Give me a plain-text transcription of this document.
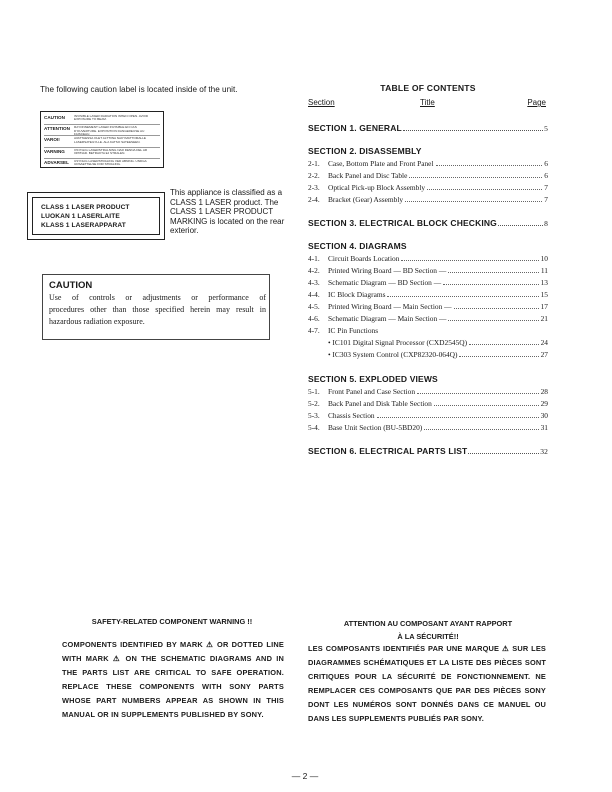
The following caution label is located inside of the unit.
CAUTION	INVISIBLE LASER RADIATION WHEN OPEN. AVOID EXPOSURE TO BEAM.
ATTENTION	RAYONNEMENT LASER INVISIBLE EN CAS D'OUVERTURE. EXPOSITION DANGEREUSE AU FAISCEAU.
VAROI!	AVATTAESSA OLET ALTTIINA NAKYMATTOMALLE LASERSATEILYLLE. ALA KATSO SATEESEEN.
VARNING	OSYNLIG LASERSTRALNING NAR DENNA DEL AR OPPNAD. BETRAKTA EJ STRALEN.
ADVARSEL	USYNLIG LASERSTRALING VED ABNING. UNDGA UDSAETTELSE FOR STRALING.
CLASS 1 LASER PRODUCT
LUOKAN 1 LASERLAITE
KLASS 1 LASERAPPARAT
This appliance is classified as a CLASS 1 LASER product. The CLASS 1 LASER PRODUCT MARKING is located on the rear exterior.
CAUTION
Use of controls or adjustments or performance of
procedures other than those specified herein may result in
hazardous radiation exposure.
TABLE OF CONTENTS
Section	Title	Page
SECTION 1. GENERAL	5
SECTION 2. DISASSEMBLY
2-1.	Case, Bottom Plate and Front Panel	6
2-2.	Back Panel and Disc Table	6
2-3.	Optical Pick-up Block Assembly	7
2-4.	Bracket (Gear) Assembly	7
SECTION 3. ELECTRICAL BLOCK CHECKING	8
SECTION 4. DIAGRAMS
4-1.	Circuit Boards Location	10
4-2.	Printed Wiring Board — BD Section —	11
4-3.	Schematic Diagram — BD Section —	13
4-4.	IC Block Diagrams	15
4-5.	Printed Wiring Board — Main Section —	17
4-6.	Schematic Diagram — Main Section —	21
4-7.	IC Pin Functions
• IC101 Digital Signal Processor (CXD2545Q)	24
• IC303 System Control (CXP82320-064Q)	27
SECTION 5. EXPLODED VIEWS
5-1.	Front Panel and Case Section	28
5-2.	Back Panel and Disk Table Section	29
5-3.	Chassis Section	30
5-4.	Base Unit Section (BU-5BD20)	31
SECTION 6. ELECTRICAL PARTS LIST	32
SAFETY-RELATED COMPONENT WARNING !!
COMPONENTS IDENTIFIED BY MARK ⚠ OR DOTTED LINE WITH MARK ⚠ ON THE SCHEMATIC DIAGRAMS AND IN THE PARTS LIST ARE CRITICAL TO SAFE OPERATION. REPLACE THESE COMPONENTS WITH SONY PARTS WHOSE PART NUMBERS APPEAR AS SHOWN IN THIS MANUAL OR IN SUPPLEMENTS PUBLISHED BY SONY.
ATTENTION AU COMPOSANT AYANT RAPPORT
À LA SÉCURITÉ!!
LES COMPOSANTS IDENTIFIÉS PAR UNE MARQUE ⚠ SUR LES DIAGRAMMES SCHÉMATIQUES ET LA LISTE DES PIÈCES SONT CRITIQUES POUR LA SÉCURITÉ DE FONCTIONNEMENT. NE REMPLACER CES COMPOSANTS QUE PAR DES PIÈCES SONY DONT LES NUMÉROS SONT DONNÉS DANS CE MANUEL OU DANS LES SUPPLEMENTS PUBLIÉS PAR SONY.
— 2 —
